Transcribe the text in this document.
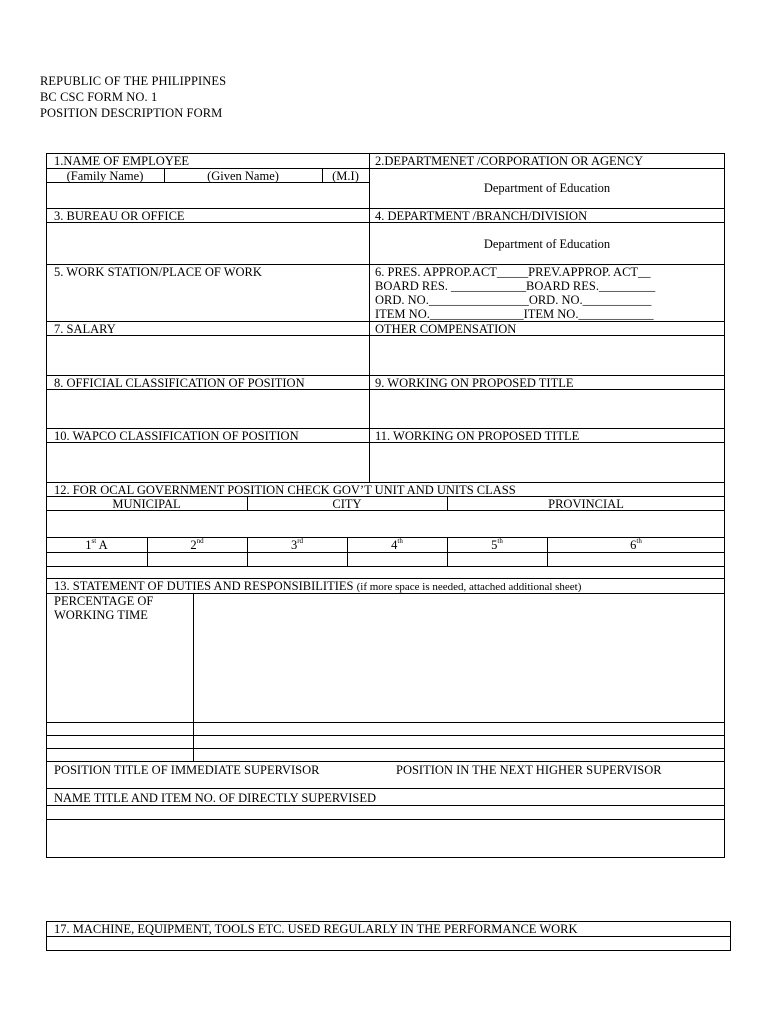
REPUBLIC OF THE PHILIPPINES
BC CSC FORM NO. 1
POSITION DESCRIPTION FORM
1.NAME OF EMPLOYEE
(Family Name)	(Given Name)	(M.I)
2.DEPARTMENET /CORPORATION OR AGENCY
Department of Education
3. BUREAU OR OFFICE	4. DEPARTMENT /BRANCH/DIVISION
Department of Education
5. WORK STATION/PLACE OF WORK	6. PRES. APPROP.ACT_____PREV.APPROP. ACT__
BOARD RES. ____________BOARD RES._________
ORD. NO.________________ORD. NO.___________
ITEM NO._______________ITEM NO.____________
7. SALARY	OTHER COMPENSATION
8. OFFICIAL CLASSIFICATION OF POSITION	9. WORKING ON PROPOSED TITLE
10. WAPCO CLASSIFICATION OF POSITION	11. WORKING ON PROPOSED TITLE
12. FOR OCAL GOVERNMENT POSITION CHECK GOV’T UNIT AND UNITS CLASS
MUNICIPAL	CITY	PROVINCIAL
1st A	2nd	3rd	4th	5th	6th
13. STATEMENT OF DUTIES AND RESPONSIBILITIES (if more space is needed, attached additional sheet)
PERCENTAGE OF
WORKING TIME
POSITION TITLE OF IMMEDIATE SUPERVISOR	POSITION IN THE NEXT HIGHER SUPERVISOR
NAME TITLE AND ITEM NO. OF DIRECTLY SUPERVISED
17. MACHINE, EQUIPMENT, TOOLS ETC. USED REGULARLY IN THE PERFORMANCE WORK
